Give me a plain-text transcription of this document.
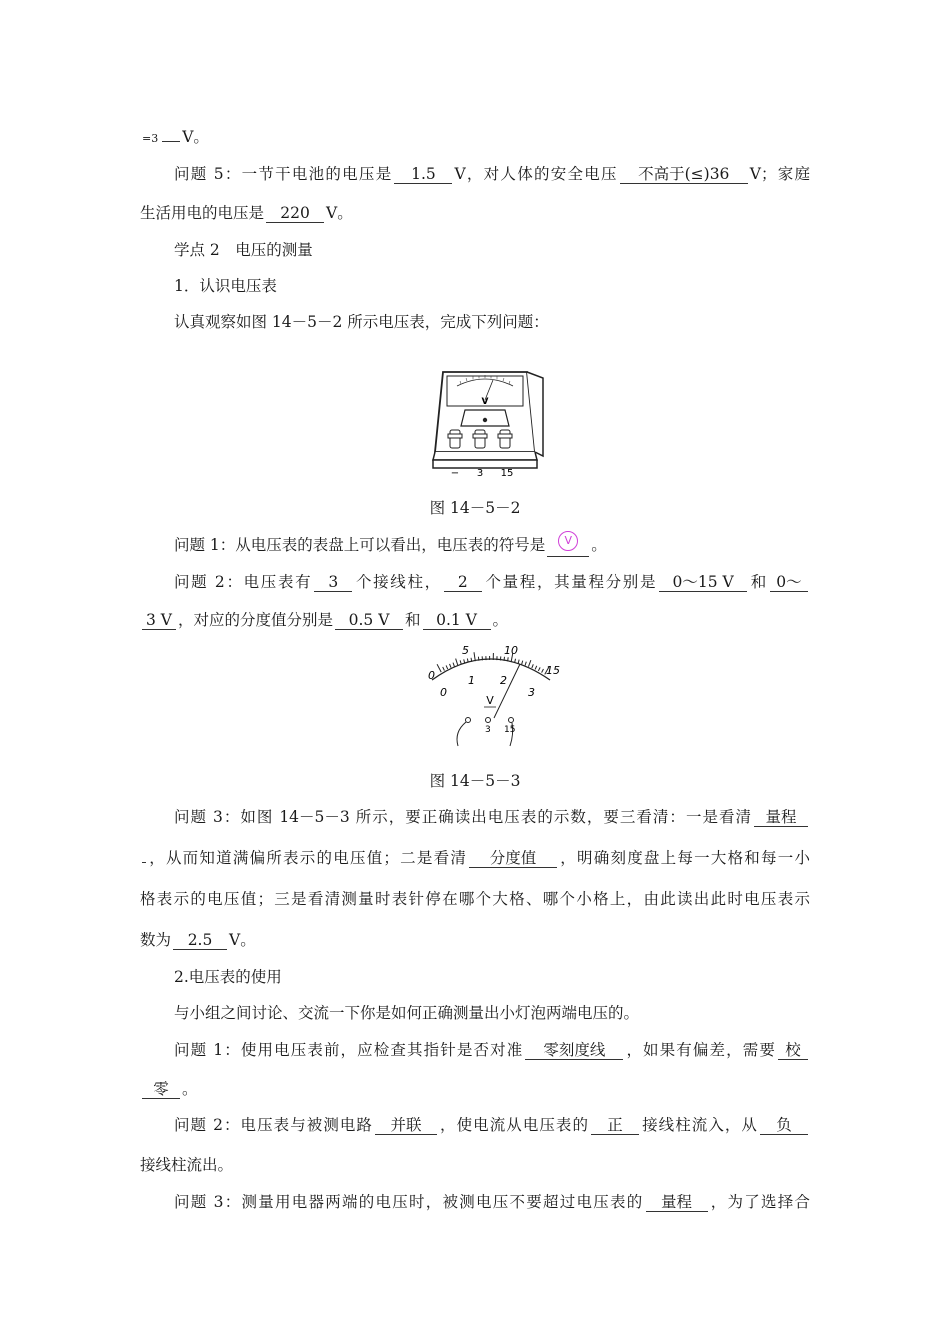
=3 V。
问题 5：一节干电池的电压是 1.5 V，对人体的安全电压 不高于(≤)36 V；家庭
生活用电的电压是 220 V。
学点 2　电压的测量
1．认识电压表
认真观察如图 14－5－2 所示电压表，完成下列问题：
V
− 3 15
图 14－5－2
问题 1：从电压表的表盘上可以看出，电压表的符号是 V 。
问题 2：电压表有 3 个接线柱， 2 个量程，其量程分别是 0～15 V 和 0～
3 V ，对应的分度值分别是 0.5 V 和 0.1 V 。
0
5	10
15
0
1 2
3
V
3 15
图 14－5－3
问题 3：如图 14－5－3 所示，要正确读出电压表的示数，要三看清：一是看清 量程
，从而知道满偏所表示的电压值；二是看清 分度值 ，明确刻度盘上每一大格和每一小
格表示的电压值；三是看清测量时表针停在哪个大格、哪个小格上，由此读出此时电压表示
数为 2.5 V。
2.电压表的使用
与小组之间讨论、交流一下你是如何正确测量出小灯泡两端电压的。
问题 1：使用电压表前，应检查其指针是否对准 零刻度线 ，如果有偏差，需要 校
零 。
问题 2：电压表与被测电路 并联 ，使电流从电压表的 正 接线柱流入，从 负
接线柱流出。
问题 3：测量用电器两端的电压时，被测电压不要超过电压表的 量程 ，为了选择合
